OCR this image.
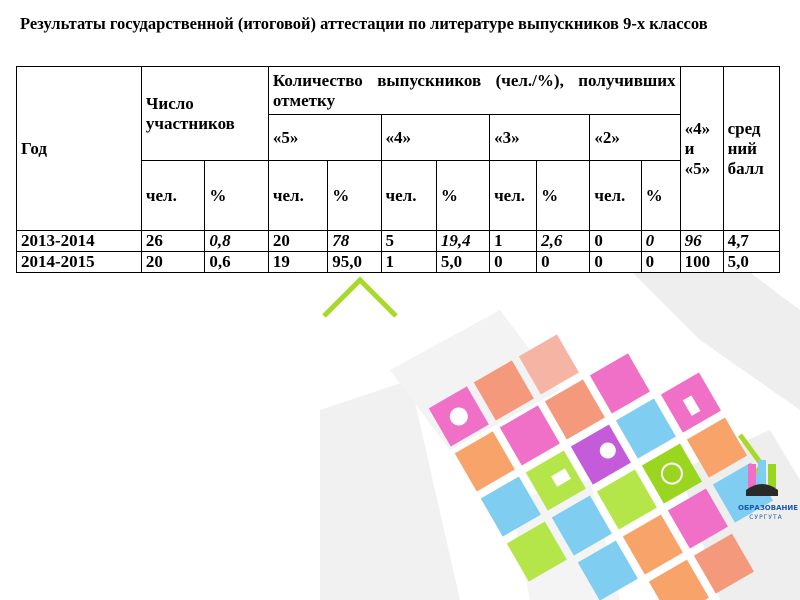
Результаты государственной (итоговой) аттестации по литературе выпускников 9-х классов
Год	Число участников		Количество выпускников (чел./%), получивших отметку								«4» и «5»	сред ний балл
			«5»		«4»		«3»		«2»			
	чел.	%	чел.	%	чел.	%	чел.	%	чел.	%		
2013-2014	26	0,8	20	78	5	19,4	1	2,6	0	0	96	4,7
2014-2015	20	0,6	19	95,0	1	5,0	0	0	0	0	100	5,0
ОБРАЗОВАНИЕ
СУРГУТА
